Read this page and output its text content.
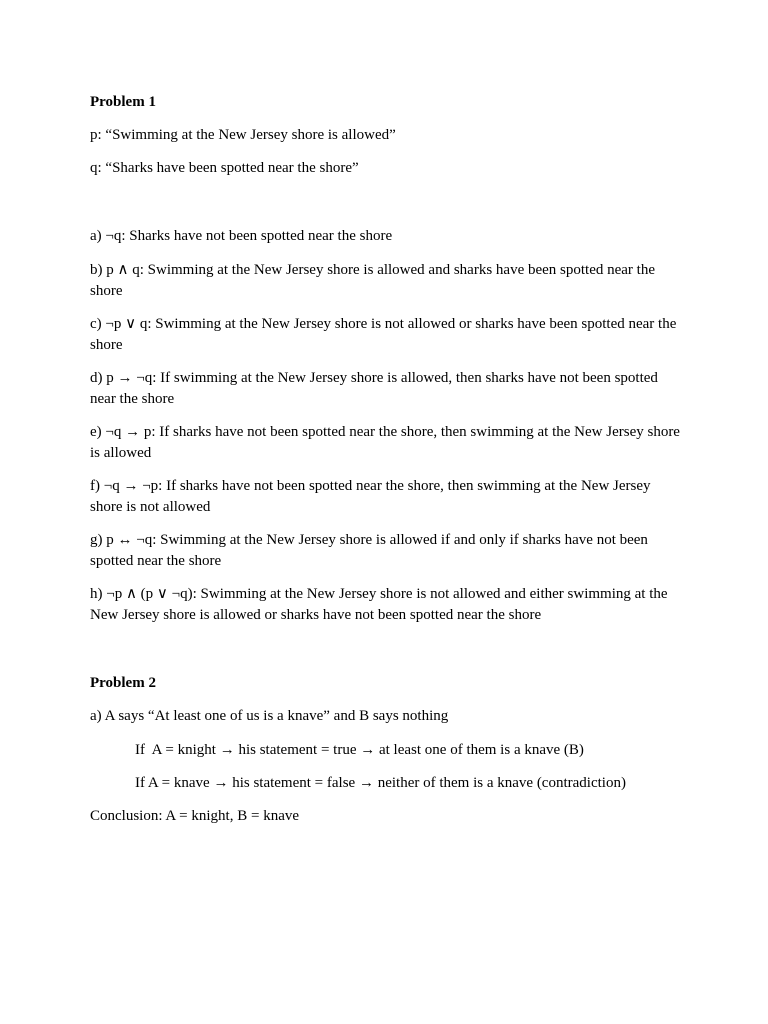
Problem 1

p: “Swimming at the New Jersey shore is allowed”

q: “Sharks have been spotted near the shore”

a) ¬q: Sharks have not been spotted near the shore

b) p ∧ q: Swimming at the New Jersey shore is allowed and sharks have been spotted near the shore

c) ¬p ∨ q: Swimming at the New Jersey shore is not allowed or sharks have been spotted near the shore

d) p → ¬q: If swimming at the New Jersey shore is allowed, then sharks have not been spotted near the shore

e) ¬q → p: If sharks have not been spotted near the shore, then swimming at the New Jersey shore is allowed

f) ¬q → ¬p: If sharks have not been spotted near the shore, then swimming at the New Jersey shore is not allowed

g) p ↔ ¬q: Swimming at the New Jersey shore is allowed if and only if sharks have not been spotted near the shore

h) ¬p ∧ (p ∨ ¬q): Swimming at the New Jersey shore is not allowed and either swimming at the New Jersey shore is allowed or sharks have not been spotted near the shore

Problem 2

a) A says “At least one of us is a knave” and B says nothing

If  A = knight → his statement = true → at least one of them is a knave (B)

If A = knave → his statement = false → neither of them is a knave (contradiction)

Conclusion: A = knight, B = knave
